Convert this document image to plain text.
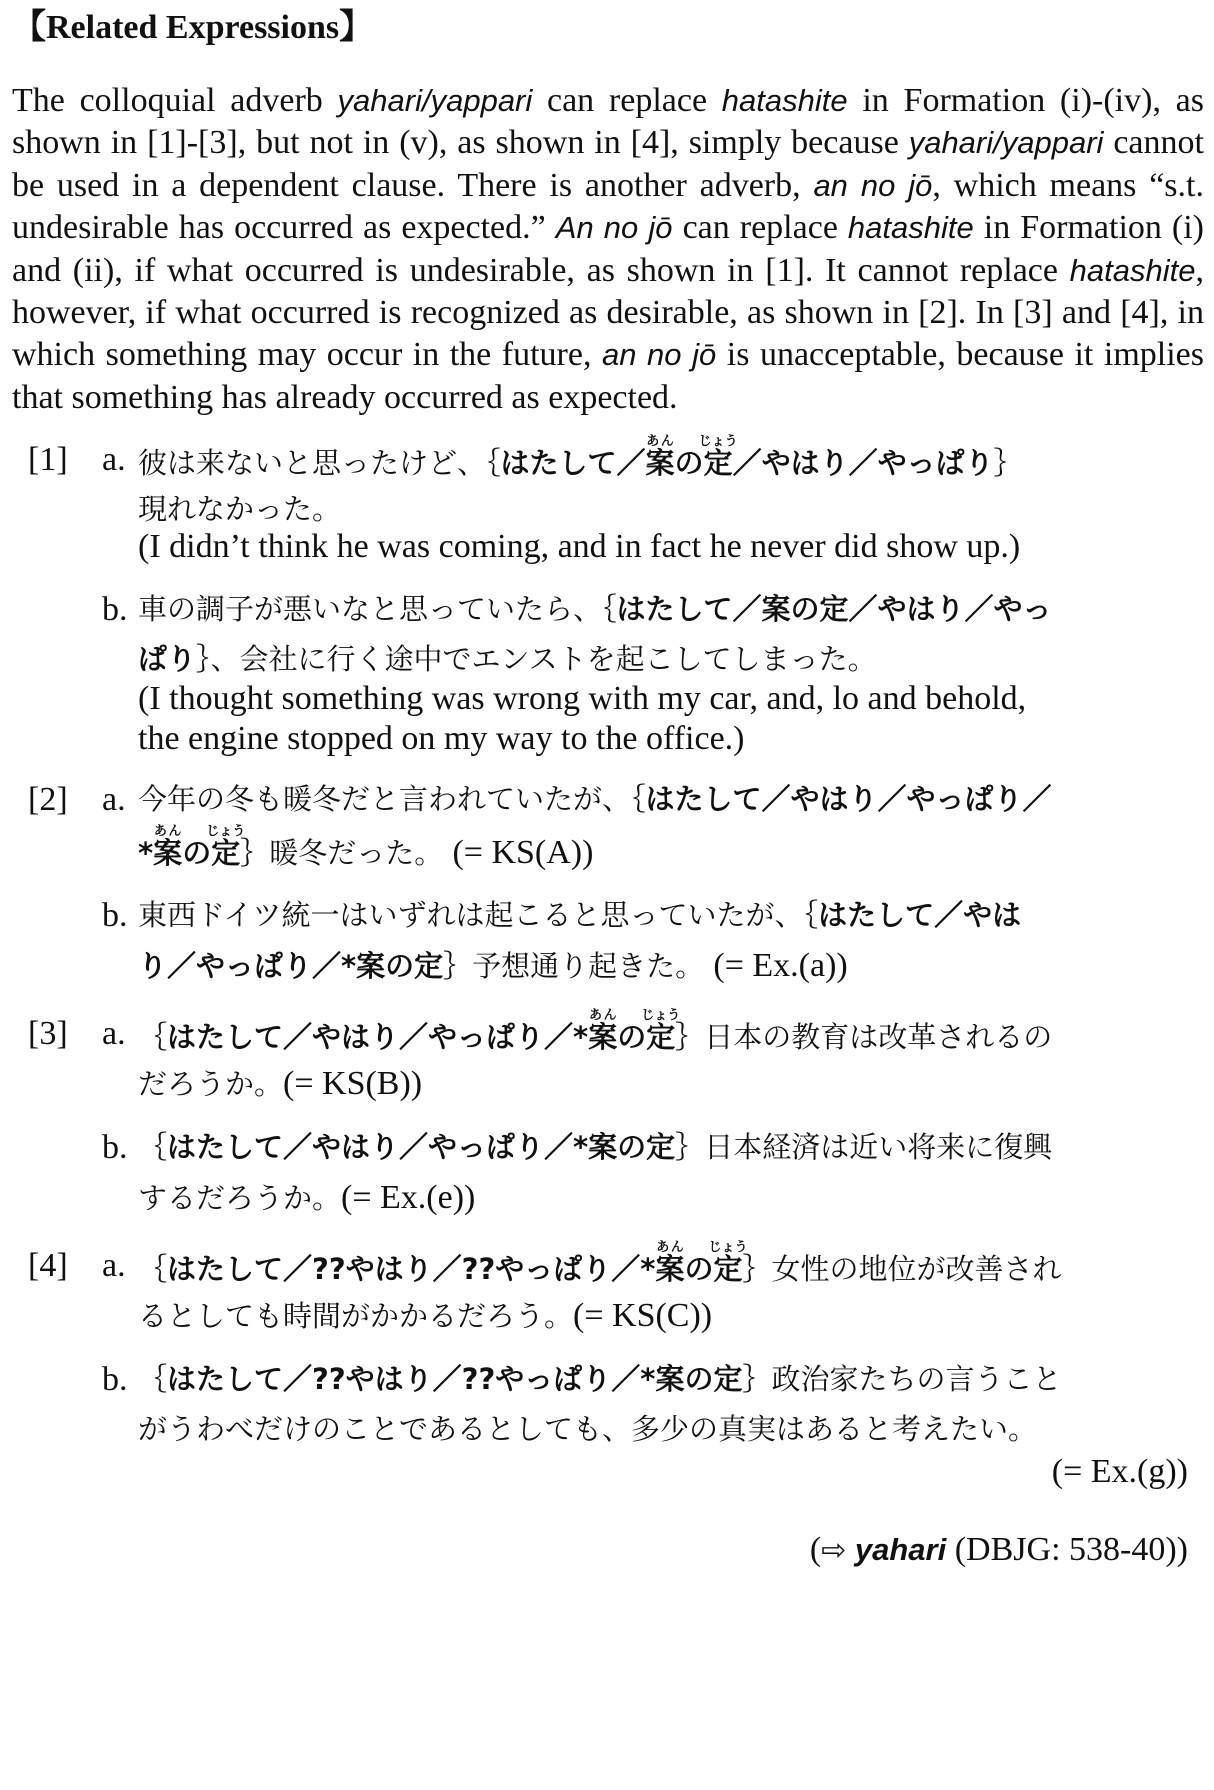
【Related Expressions】

The colloquial adverb yahari/yappari can replace hatashite in Formation (i)-(iv), as shown in [1]-[3], but not in (v), as shown in [4], simply because yahari/yappari cannot be used in a dependent clause. There is another adverb, an no jō, which means “s.t. undesirable has occurred as expected.” An no jō can replace hatashite in Formation (i) and (ii), if what occurred is undesirable, as shown in [1]. It cannot replace hatashite, however, if what occurred is recognized as desirable, as shown in [2]. In [3] and [4], in which something may occur in the future, an no jō is unacceptable, because it implies that something has already occurred as expected.

[1] a. 彼は来ないと思ったけど、｛はたして／案あんの定じょう／やはり／やっぱり｝
現れなかった。
(I didn’t think he was coming, and in fact he never did show up.)
b. 車の調子が悪いなと思っていたら、｛はたして／案の定／やはり／やっ
ぱり｝、会社に行く途中でエンストを起こしてしまった。
(I thought something was wrong with my car, and, lo and behold,
the engine stopped on my way to the office.)
[2] a. 今年の冬も暖冬だと言われていたが、｛はたして／やはり／やっぱり／
*案あんの定じょう｝暖冬だった。 (= KS(A))
b. 東西ドイツ統一はいずれは起こると思っていたが、｛はたして／やは
り／やっぱり／*案の定｝予想通り起きた。 (= Ex.(a))
[3] a. ｛はたして／やはり／やっぱり／*案あんの定じょう｝日本の教育は改革されるの
だろうか。(= KS(B))
b. ｛はたして／やはり／やっぱり／*案の定｝日本経済は近い将来に復興
するだろうか。(= Ex.(e))
[4] a. ｛はたして／??やはり／??やっぱり／*案あんの定じょう｝女性の地位が改善され
るとしても時間がかかるだろう。(= KS(C))
b. ｛はたして／??やはり／??やっぱり／*案の定｝政治家たちの言うこと
がうわべだけのことであるとしても、多少の真実はあると考えたい。
(= Ex.(g))
(⇨ yahari (DBJG: 538-40))
